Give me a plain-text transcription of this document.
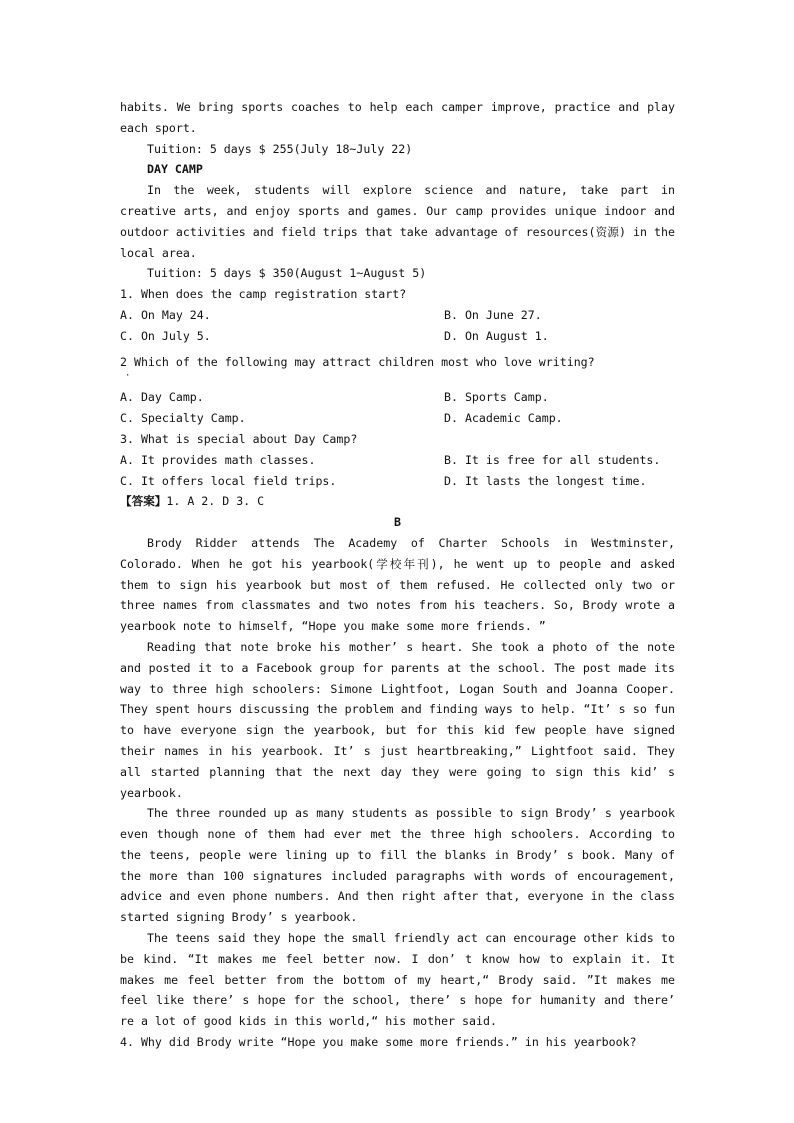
habits. We bring sports coaches to help each camper improve, practice and play each sport.

Tuition: 5 days $ 255(July 18~July 22)

DAY CAMP

In the week, students will explore science and nature, take part in creative arts, and enjoy sports and games. Our camp provides unique indoor and outdoor activities and field trips that take advantage of resources(资源) in the local area.

Tuition: 5 days $ 350(August 1~August 5)

1. When does the camp registration start?

A. On May 24.	B. On June 27.
C. On July 5.	D. On August 1.

2 Which of the following may attract children most who love writing?

·
A. Day Camp.	B. Sports Camp.
C. Specialty Camp.	D. Academic Camp.

3. What is special about Day Camp?

A. It provides math classes.	B. It is free for all students.
C. It offers local field trips.	D. It lasts the longest time.

【答案】1. A 2. D 3. C

B

Brody Ridder attends The Academy of Charter Schools in Westminster, Colorado. When he got his yearbook(学校年刊), he went up to people and asked them to sign his yearbook but most of them refused. He collected only two or three names from classmates and two notes from his teachers. So, Brody wrote a yearbook note to himself, “Hope you make some more friends. ”

Reading that note broke his mother’ s heart. She took a photo of the note and posted it to a Facebook group for parents at the school. The post made its way to three high schoolers: Simone Lightfoot, Logan South and Joanna Cooper. They spent hours discussing the problem and finding ways to help. “It’ s so fun to have everyone sign the yearbook, but for this kid few people have signed their names in his yearbook. It’ s just heartbreaking,” Lightfoot said. They all started planning that the next day they were going to sign this kid’ s yearbook.

The three rounded up as many students as possible to sign Brody’ s yearbook even though none of them had ever met the three high schoolers. According to the teens, people were lining up to fill the blanks in Brody’ s book. Many of the more than 100 signatures included paragraphs with words of encouragement, advice and even phone numbers. And then right after that, everyone in the class started signing Brody’ s yearbook.

The teens said they hope the small friendly act can encourage other kids to be kind. “It makes me feel better now. I don’ t know how to explain it. It makes me feel better from the bottom of my heart,“ Brody said. ”It makes me feel like there’ s hope for the school, there’ s hope for humanity and there’ re a lot of good kids in this world,“ his mother said.

4. Why did Brody write “Hope you make some more friends.” in his yearbook?
